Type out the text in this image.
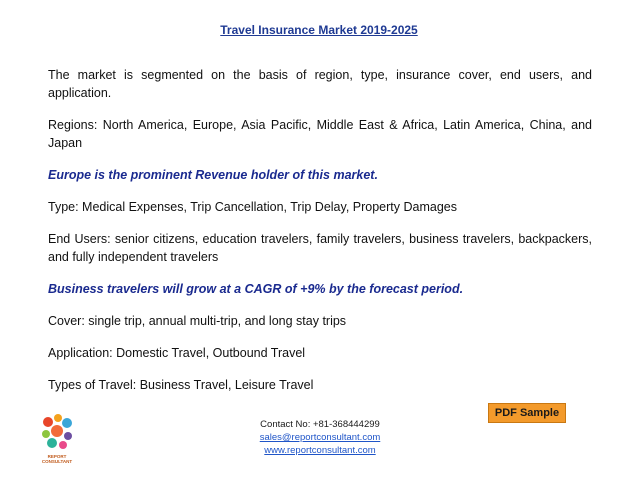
Travel Insurance Market 2019-2025

The market is segmented on the basis of region, type, insurance cover, end users, and application.

Regions: North America, Europe, Asia Pacific, Middle East & Africa, Latin America, China, and Japan

Europe is the prominent Revenue holder of this market.

Type: Medical Expenses, Trip Cancellation, Trip Delay, Property Damages

End Users: senior citizens, education travelers, family travelers, business travelers, backpackers, and fully independent travelers

Business travelers will grow at a CAGR of +9% by the forecast period.

Cover: single trip, annual multi-trip, and long stay trips

Application: Domestic Travel, Outbound Travel

Types of Travel: Business Travel, Leisure Travel

PDF Sample
REPORT
CONSULTANT
Contact No: +81-368444299
sales@reportconsultant.com
www.reportconsultant.com
